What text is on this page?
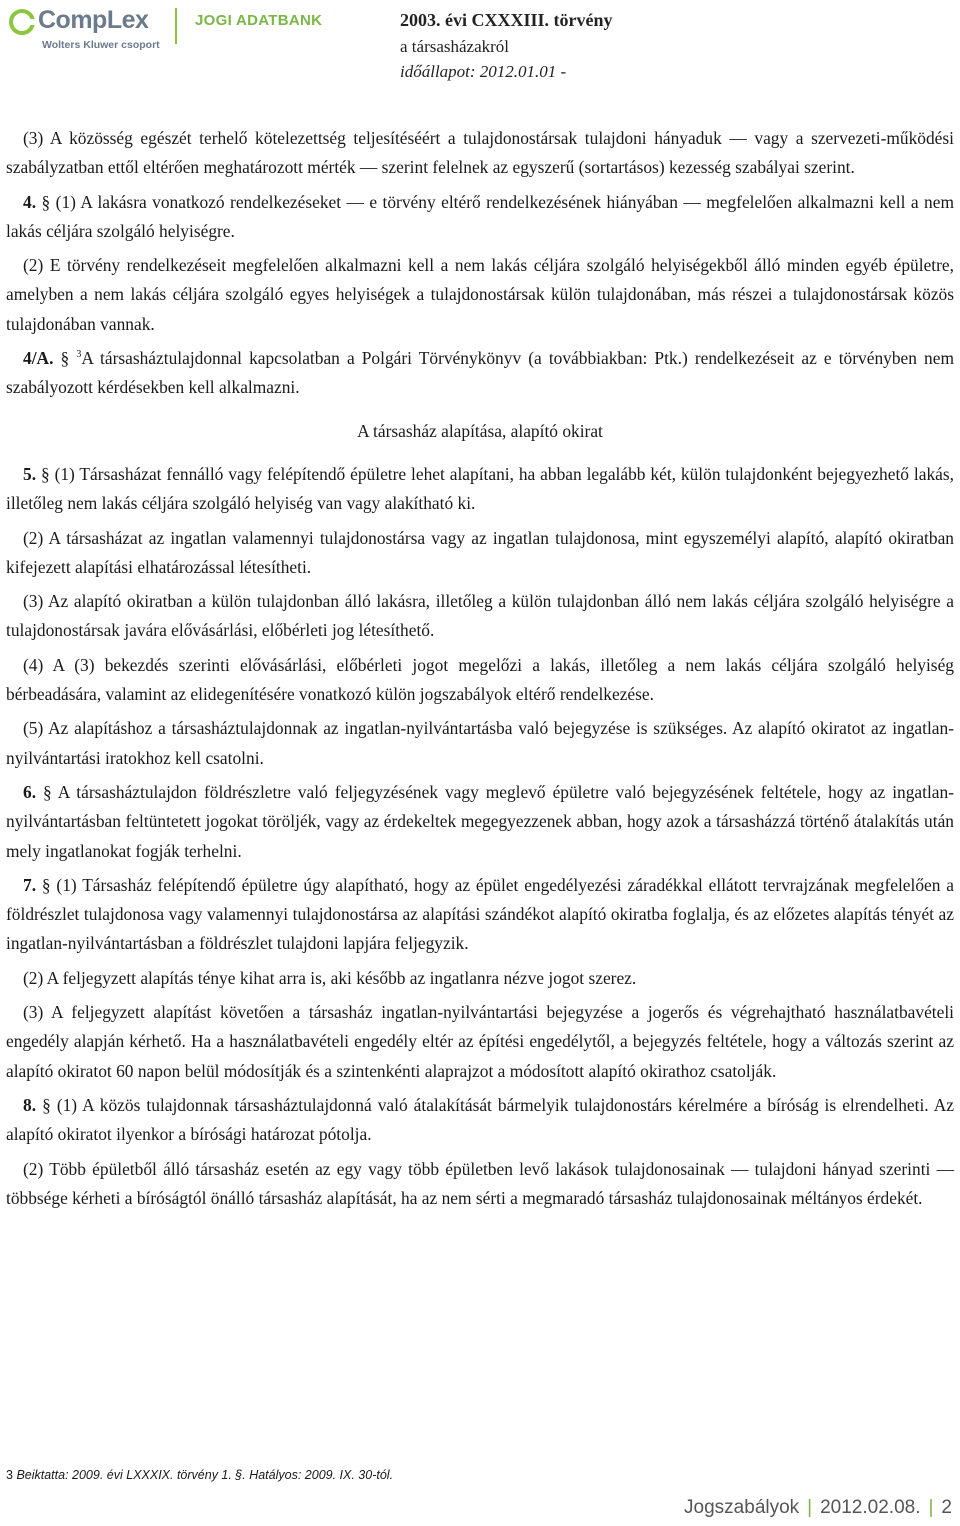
CompLex
Wolters Kluwer csoport
JOGI ADATBANK	2003. évi CXXXIII. törvény
a társasházakról
időállapot: 2012.01.01 -

(3) A közösség egészét terhelő kötelezettség teljesítéséért a tulajdonostársak tulajdoni hányaduk ― vagy a szervezeti-működési szabályzatban ettől eltérően meghatározott mérték ― szerint felelnek az egyszerű (sortartásos) kezesség szabályai szerint.

4. § (1) A lakásra vonatkozó rendelkezéseket ― e törvény eltérő rendelkezésének hiányában ― megfelelően alkalmazni kell a nem lakás céljára szolgáló helyiségre.

(2) E törvény rendelkezéseit megfelelően alkalmazni kell a nem lakás céljára szolgáló helyiségekből álló minden egyéb épületre, amelyben a nem lakás céljára szolgáló egyes helyiségek a tulajdonostársak külön tulajdonában, más részei a tulajdonostársak közös tulajdonában vannak.

4/A. § $^3$A társasháztulajdonnal kapcsolatban a Polgári Törvénykönyv (a továbbiakban: Ptk.) rendelkezéseit az e törvényben nem szabályozott kérdésekben kell alkalmazni.

A társasház alapítása, alapító okirat

5. § (1) Társasházat fennálló vagy felépítendő épületre lehet alapítani, ha abban legalább két, külön tulajdonként bejegyezhető lakás, illetőleg nem lakás céljára szolgáló helyiség van vagy alakítható ki.

(2) A társasházat az ingatlan valamennyi tulajdonostársa vagy az ingatlan tulajdonosa, mint egyszemélyi alapító, alapító okiratban kifejezett alapítási elhatározással létesítheti.

(3) Az alapító okiratban a külön tulajdonban álló lakásra, illetőleg a külön tulajdonban álló nem lakás céljára szolgáló helyiségre a tulajdonostársak javára elővásárlási, előbérleti jog létesíthető.

(4) A (3) bekezdés szerinti elővásárlási, előbérleti jogot megelőzi a lakás, illetőleg a nem lakás céljára szolgáló helyiség bérbeadására, valamint az elidegenítésére vonatkozó külön jogszabályok eltérő rendelkezése.

(5) Az alapításhoz a társasháztulajdonnak az ingatlan-nyilvántartásba való bejegyzése is szükséges. Az alapító okiratot az ingatlan-nyilvántartási iratokhoz kell csatolni.

6. § A társasháztulajdon földrészletre való feljegyzésének vagy meglevő épületre való bejegyzésének feltétele, hogy az ingatlan-nyilvántartásban feltüntetett jogokat töröljék, vagy az érdekeltek megegyezzenek abban, hogy azok a társasházzá történő átalakítás után mely ingatlanokat fogják terhelni.

7. § (1) Társasház felépítendő épületre úgy alapítható, hogy az épület engedélyezési záradékkal ellátott tervrajzának megfelelően a földrészlet tulajdonosa vagy valamennyi tulajdonostársa az alapítási szándékot alapító okiratba foglalja, és az előzetes alapítás tényét az ingatlan-nyilvántartásban a földrészlet tulajdoni lapjára feljegyzik.

(2) A feljegyzett alapítás ténye kihat arra is, aki később az ingatlanra nézve jogot szerez.

(3) A feljegyzett alapítást követően a társasház ingatlan-nyilvántartási bejegyzése a jogerős és végrehajtható használatbavételi engedély alapján kérhető. Ha a használatbavételi engedély eltér az építési engedélytől, a bejegyzés feltétele, hogy a változás szerint az alapító okiratot 60 napon belül módosítják és a szintenkénti alaprajzot a módosított alapító okirathoz csatolják.

8. § (1) A közös tulajdonnak társasháztulajdonná való átalakítását bármelyik tulajdonostárs kérelmére a bíróság is elrendelheti. Az alapító okiratot ilyenkor a bírósági határozat pótolja.

(2) Több épületből álló társasház esetén az egy vagy több épületben levő lakások tulajdonosainak ― tulajdoni hányad szerinti ― többsége kérheti a bíróságtól önálló társasház alapítását, ha az nem sérti a megmaradó társasház tulajdonosainak méltányos érdekét.

3 Beiktatta: 2009. évi LXXXIX. törvény 1. §. Hatályos: 2009. IX. 30-tól.
Jogszabályok | 2012.02.08. | 2
